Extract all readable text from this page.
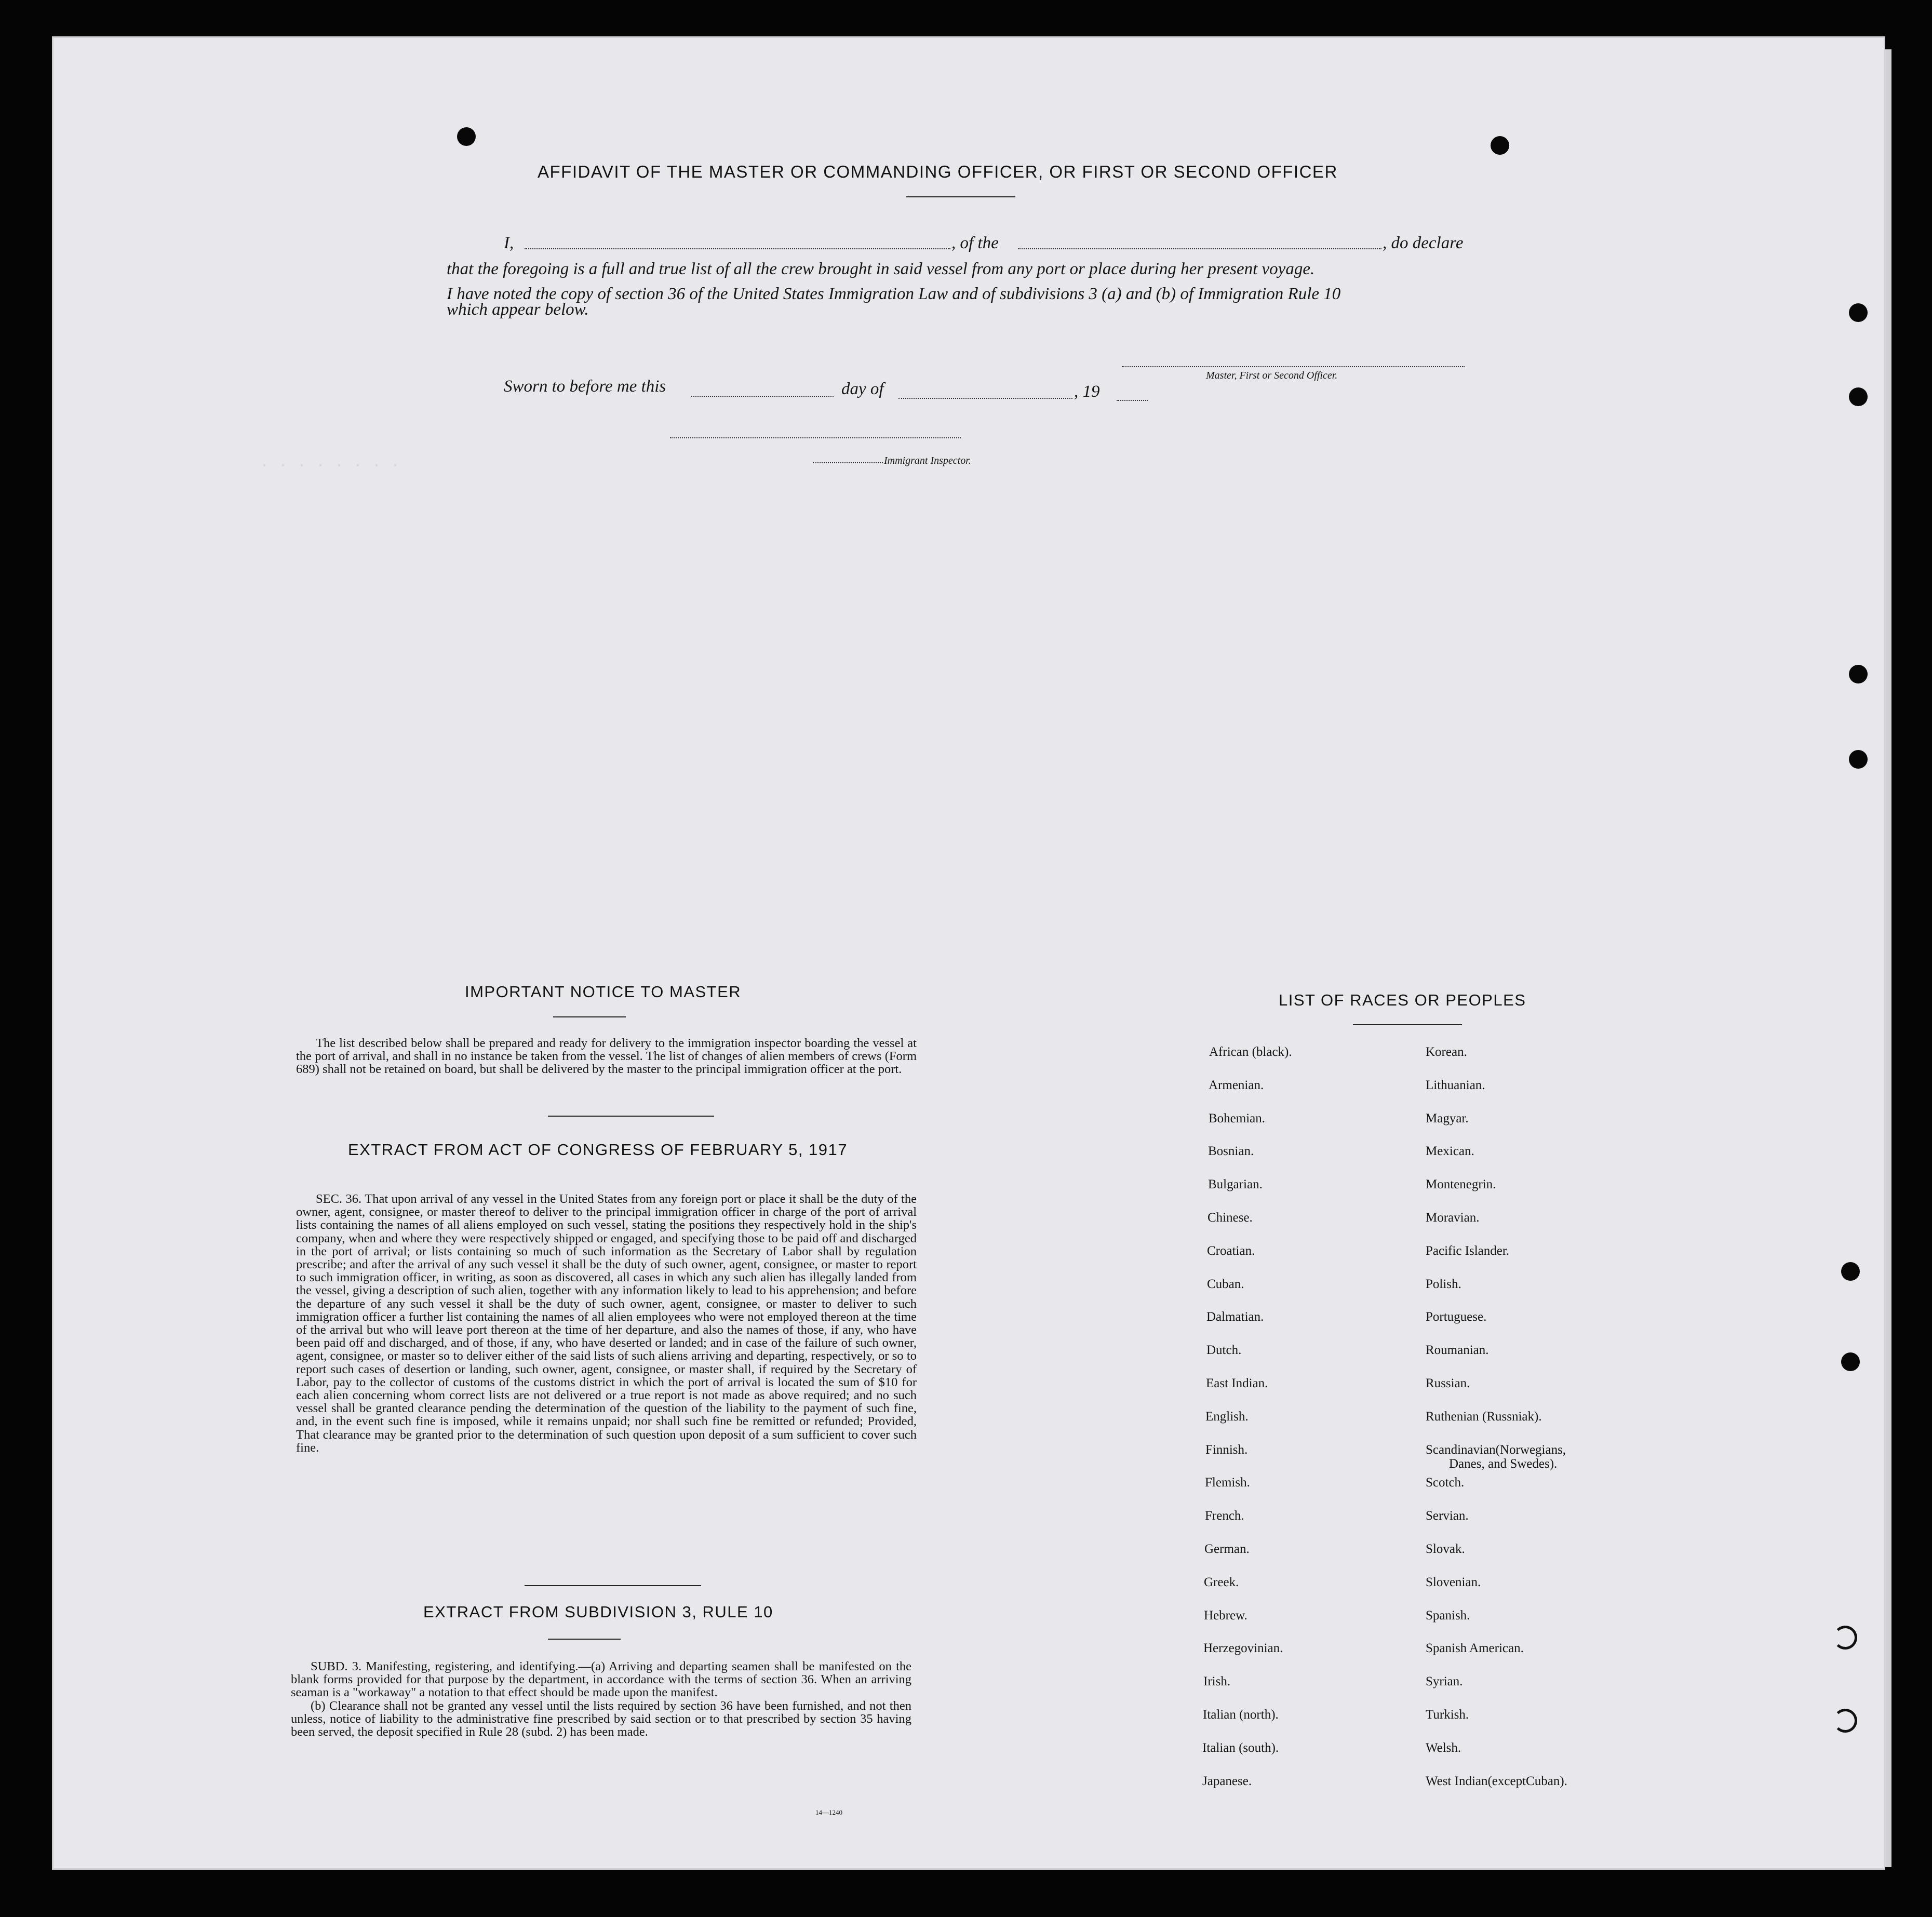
· · · · · · · ·
AFFIDAVIT OF THE MASTER OR COMMANDING OFFICER, OR FIRST OR SECOND OFFICER
I,	, of the	, do declare
that the foregoing is a full and true list of all the crew brought in said vessel from any port or place during her present voyage.
I have noted the copy of section 36 of the United States Immigration Law and of subdivisions 3 (a) and (b) of Immigration Rule 10
which appear below.
Master, First or Second Officer.
Sworn to before me this	day of	, 19
Immigrant Inspector.
IMPORTANT NOTICE TO MASTER

The list described below shall be prepared and ready for delivery to the immigration inspector boarding the vessel at the port of arrival, and shall in no instance be taken from the vessel. The list of changes of alien members of crews (Form 689) shall not be retained on board, but shall be delivered by the master to the principal immigration officer at the port.

EXTRACT FROM ACT OF CONGRESS OF FEBRUARY 5, 1917

SEC. 36. That upon arrival of any vessel in the United States from any foreign port or place it shall be the duty of the owner, agent, consignee, or master thereof to deliver to the principal immigration officer in charge of the port of arrival lists containing the names of all aliens employed on such vessel, stating the positions they respectively hold in the ship's company, when and where they were respectively shipped or engaged, and specifying those to be paid off and discharged in the port of arrival; or lists containing so much of such information as the Secretary of Labor shall by regulation prescribe; and after the arrival of any such vessel it shall be the duty of such owner, agent, consignee, or master to report to such immigration officer, in writing, as soon as discovered, all cases in which any such alien has illegally landed from the vessel, giving a description of such alien, together with any information likely to lead to his apprehension; and before the departure of any such vessel it shall be the duty of such owner, agent, consignee, or master to deliver to such immigration officer a further list containing the names of all alien employees who were not employed thereon at the time of the arrival but who will leave port thereon at the time of her departure, and also the names of those, if any, who have been paid off and discharged, and of those, if any, who have deserted or landed; and in case of the failure of such owner, agent, consignee, or master so to deliver either of the said lists of such aliens arriving and departing, respectively, or so to report such cases of desertion or landing, such owner, agent, consignee, or master shall, if required by the Secretary of Labor, pay to the collector of customs of the customs district in which the port of arrival is located the sum of $10 for each alien concerning whom correct lists are not delivered or a true report is not made as above required; and no such vessel shall be granted clearance pending the determination of the question of the liability to the payment of such fine, and, in the event such fine is imposed, while it remains unpaid; nor shall such fine be remitted or refunded; Provided, That clearance may be granted prior to the determination of such question upon deposit of a sum sufficient to cover such fine.

EXTRACT FROM SUBDIVISION 3, RULE 10

SUBD. 3. Manifesting, registering, and identifying.—(a) Arriving and departing seamen shall be manifested on the blank forms provided for that purpose by the department, in accordance with the terms of section 36. When an arriving seaman is a "workaway" a notation to that effect should be made upon the manifest.

(b) Clearance shall not be granted any vessel until the lists required by section 36 have been furnished, and not then unless, notice of liability to the administrative fine prescribed by said section or to that prescribed by section 35 having been served, the deposit specified in Rule 28 (subd. 2) has been made.

14—1240
LIST OF RACES OR PEOPLES
African (black).
Armenian.
Bohemian.
Bosnian.
Bulgarian.
Chinese.
Croatian.
Cuban.
Dalmatian.
Dutch.
East Indian.
English.
Finnish.
Flemish.
French.
German.
Greek.
Hebrew.
Herzegovinian.
Irish.
Italian (north).
Italian (south).
Japanese.
Korean.
Lithuanian.
Magyar.
Mexican.
Montenegrin.
Moravian.
Pacific Islander.
Polish.
Portuguese.
Roumanian.
Russian.
Ruthenian (Russniak).
Scandinavian(Norwegians,
Danes, and Swedes).
Scotch.
Servian.
Slovak.
Slovenian.
Spanish.
Spanish American.
Syrian.
Turkish.
Welsh.
West Indian(exceptCuban).
